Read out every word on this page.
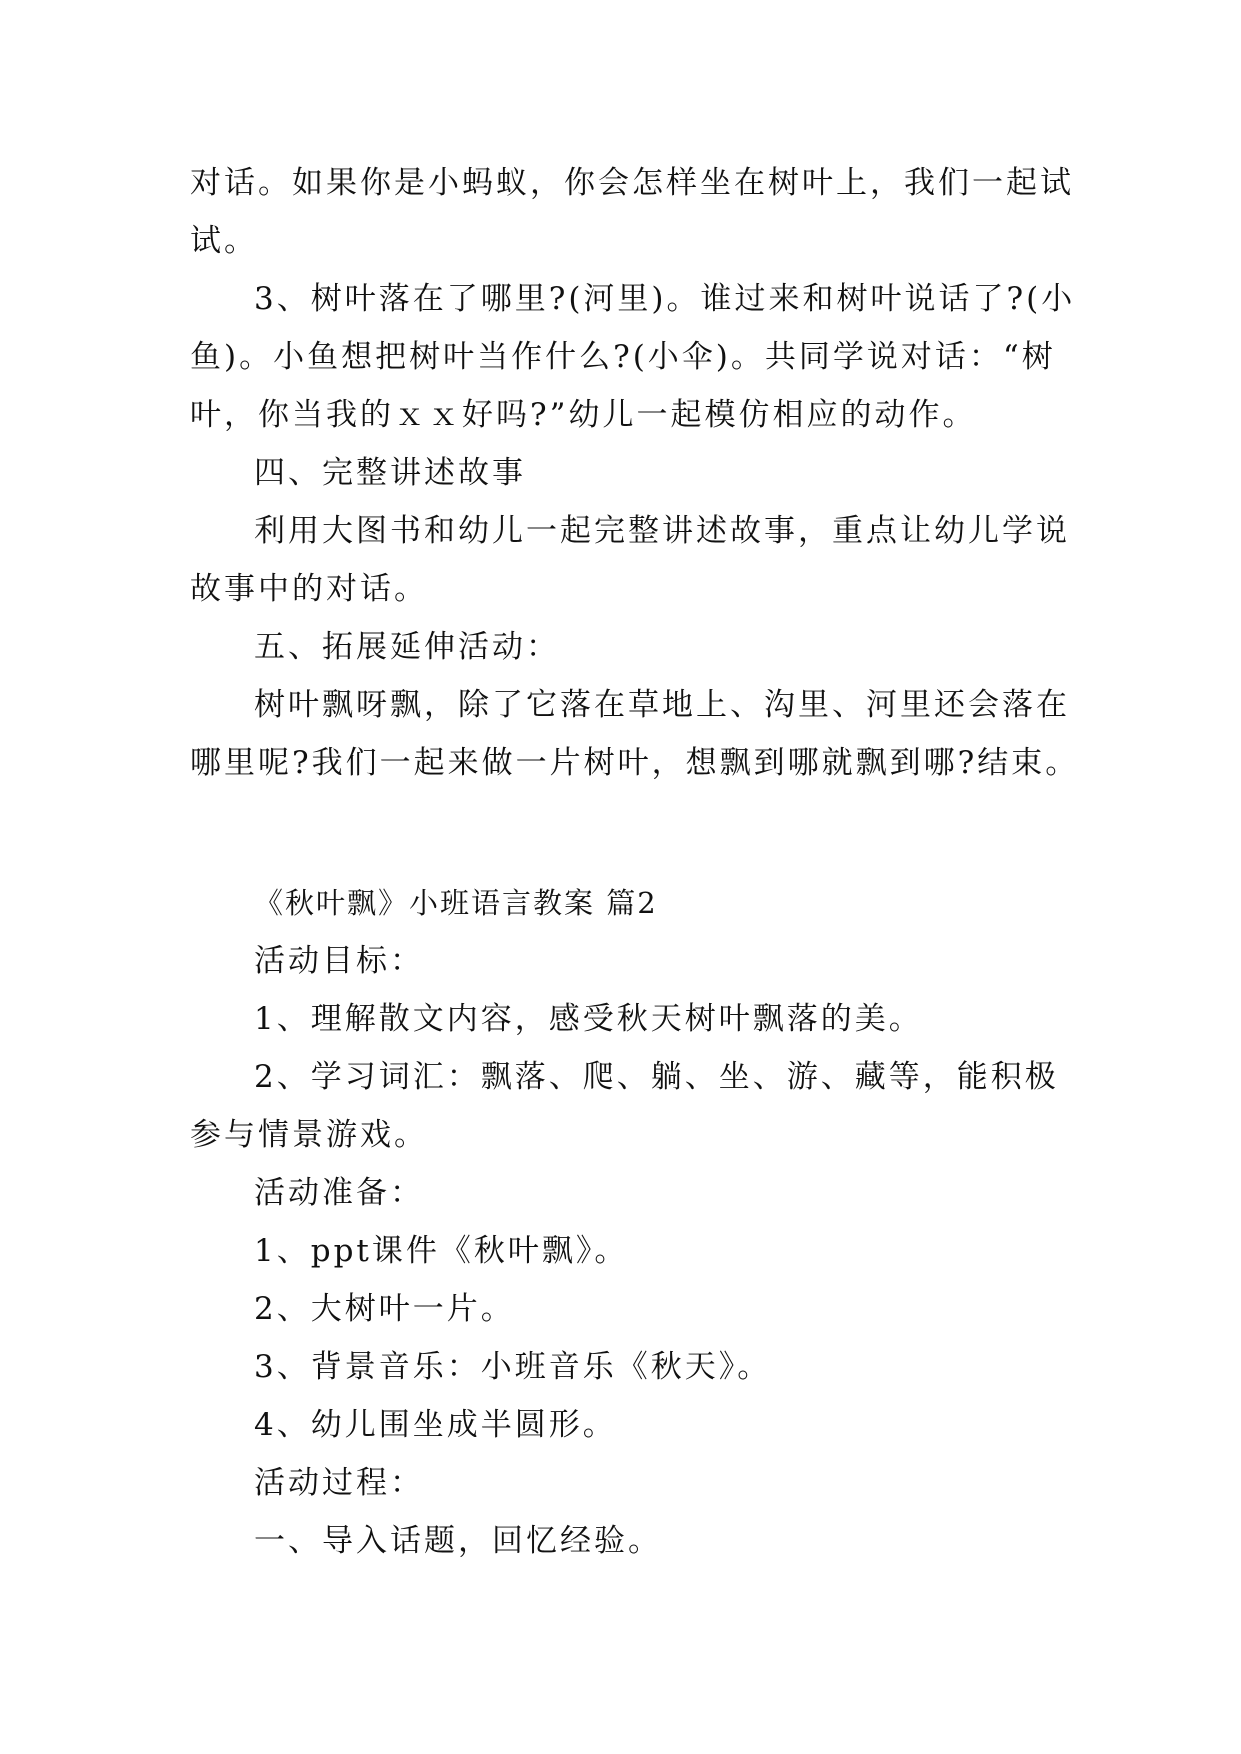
对话。如果你是小蚂蚁，你会怎样坐在树叶上，我们一起试
试。
3、树叶落在了哪里?(河里)。谁过来和树叶说话了?(小
鱼)。小鱼想把树叶当作什么?(小伞)。共同学说对话：“树
叶，你当我的ｘｘ好吗?”幼儿一起模仿相应的动作。
四、完整讲述故事
利用大图书和幼儿一起完整讲述故事，重点让幼儿学说
故事中的对话。
五、拓展延伸活动：
树叶飘呀飘，除了它落在草地上、沟里、河里还会落在
哪里呢?我们一起来做一片树叶，想飘到哪就飘到哪?结束。
《秋叶飘》小班语言教案 篇2
活动目标：
1、理解散文内容，感受秋天树叶飘落的美。
2、学习词汇：飘落、爬、躺、坐、游、藏等，能积极
参与情景游戏。
活动准备：
1、ppt课件《秋叶飘》。
2、大树叶一片。
3、背景音乐：小班音乐《秋天》。
4、幼儿围坐成半圆形。
活动过程：
一、导入话题，回忆经验。
